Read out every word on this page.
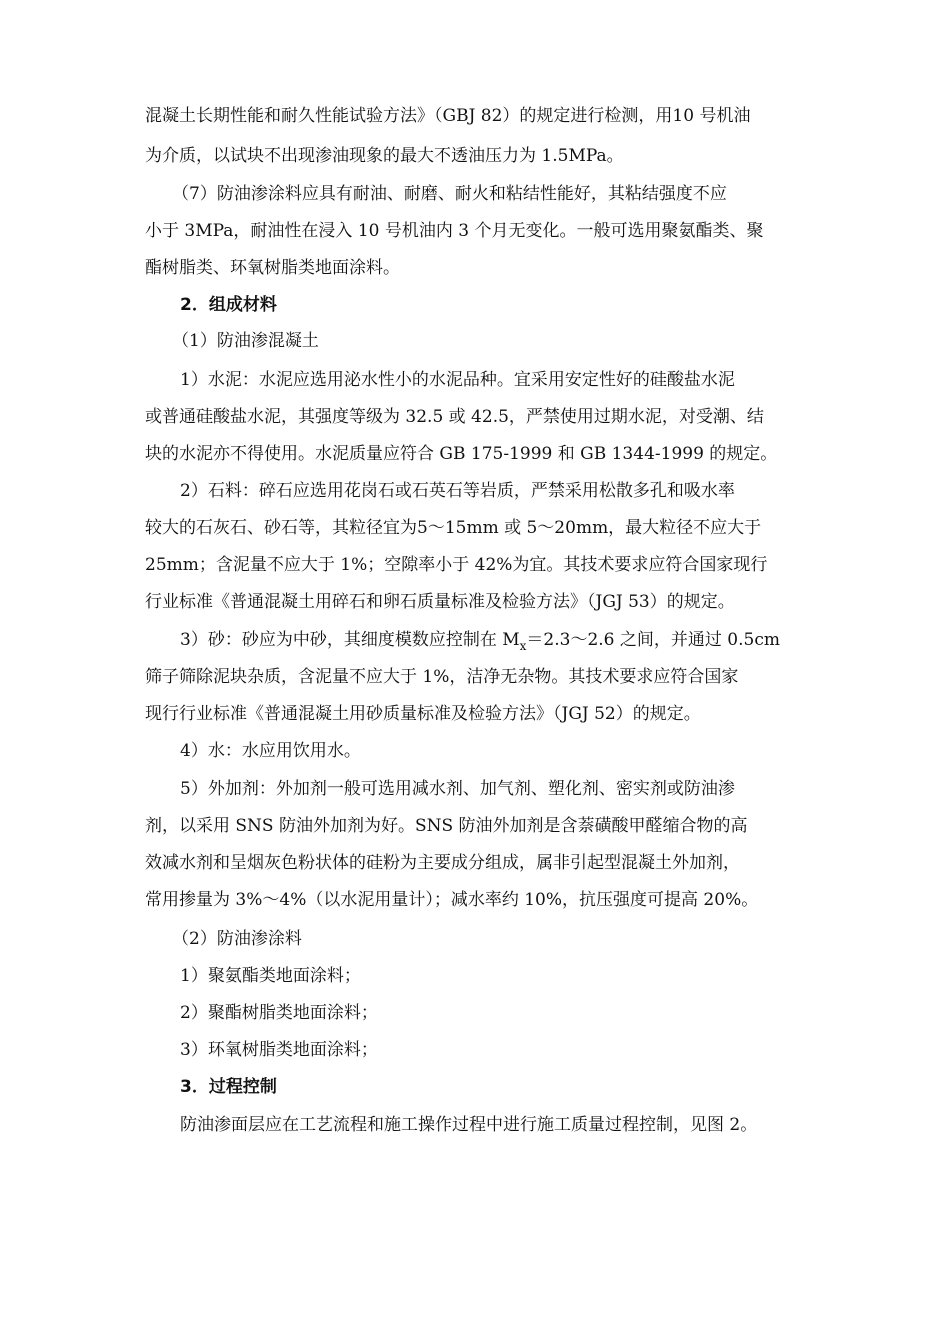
混凝土长期性能和耐久性能试验方法》（GBJ 82）的规定进行检测，用10 号机油
为介质，以试块不出现渗油现象的最大不透油压力为 1.5MPa。
（7）防油渗涂料应具有耐油、耐磨、耐火和粘结性能好，其粘结强度不应
小于 3MPa，耐油性在浸入 10 号机油内 3 个月无变化。一般可选用聚氨酯类、聚
酯树脂类、环氧树脂类地面涂料。
2．组成材料
（1）防油渗混凝土
1）水泥：水泥应选用泌水性小的水泥品种。宜采用安定性好的硅酸盐水泥
或普通硅酸盐水泥，其强度等级为 32.5 或 42.5，严禁使用过期水泥，对受潮、结
块的水泥亦不得使用。水泥质量应符合 GB 175-1999 和 GB 1344-1999 的规定。
2）石料：碎石应选用花岗石或石英石等岩质，严禁采用松散多孔和吸水率
较大的石灰石、砂石等，其粒径宜为5～15mm 或 5～20mm，最大粒径不应大于
25mm；含泥量不应大于 1%；空隙率小于 42%为宜。其技术要求应符合国家现行
行业标准《普通混凝土用碎石和卵石质量标准及检验方法》（JGJ 53）的规定。
3）砂：砂应为中砂，其细度模数应控制在 $M_x=2.3\sim 2.6$ 之间，并通过 0.5cm
筛子筛除泥块杂质，含泥量不应大于 1%，洁净无杂物。其技术要求应符合国家
现行行业标准《普通混凝土用砂质量标准及检验方法》（JGJ 52）的规定。
4）水：水应用饮用水。
5）外加剂：外加剂一般可选用减水剂、加气剂、塑化剂、密实剂或防油渗
剂，以采用 SNS 防油外加剂为好。SNS 防油外加剂是含萘磺酸甲醛缩合物的高
效减水剂和呈烟灰色粉状体的硅粉为主要成分组成，属非引起型混凝土外加剂，
常用掺量为 3%～4%（以水泥用量计）；减水率约 10%，抗压强度可提高 20%。
（2）防油渗涂料
1）聚氨酯类地面涂料；
2）聚酯树脂类地面涂料；
3）环氧树脂类地面涂料；
3．过程控制
防油渗面层应在工艺流程和施工操作过程中进行施工质量过程控制，见图 2。
